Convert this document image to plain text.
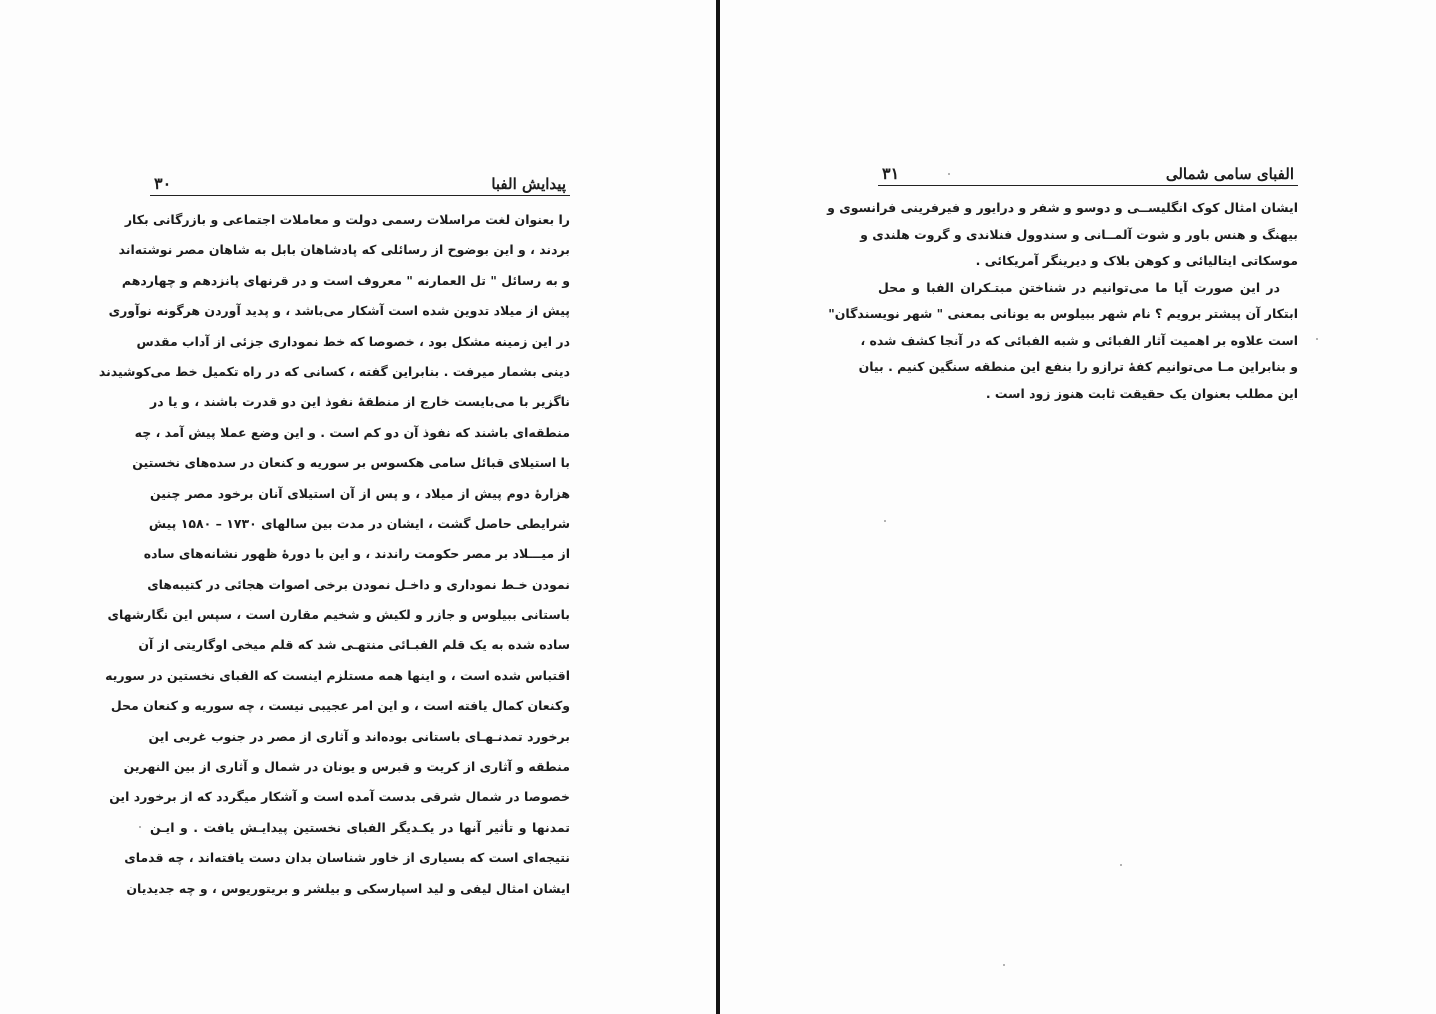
پیدایش الفبا
۳۰
را بعنوان لغت مراسلات رسمی دولت و معاملات اجتماعی و بازرگانی بکار
بردند ، و این بوضوح از رسائلی که پادشاهان بابل به شاهان مصر نوشته‌اند
و به رسائل " تل العمارنه " معروف است و در قرنهای پانزدهم و چهاردهم
پیش از میلاد تدوین شده است آشکار می‌باشد ، و پدید آوردن هرگونه نوآوری
در این زمینه مشکل بود ، خصوصا که خط نموداری جزئی از آداب مقدس
دینی بشمار میرفت . بنابراین گفته ، کسانی که در راه تکمیل خط می‌کوشیدند
ناگزیر با می‌بایست خارج از منطقه‌ٔ نفوذ این دو قدرت باشند ، و یا در
منطقه‌ای باشند که نفوذ آن دو کم است . و این وضع عملا پیش آمد ، چه
با استیلای قبائل سامی هکسوس بر سوریه و کنعان در سده‌های نخستین
هزاره‌ٔ دوم پیش از میلاد ، و پس از آن استیلای آنان برخود مصر چنین
شرایطی حاصل گشت ، ایشان در مدت بین سالهای ۱۷۳۰ – ۱۵۸۰ پیش
از میـــلاد بر مصر حکومت راندند ، و این با دوره‌ٔ ظهور نشانه‌های ساده
نمودن خـط نموداری و داخـل نمودن برخی اصوات هجائی در کتیبه‌های
باستانی ببیلوس و جازر و لکیش و شخیم مقارن است ، سپس این نگارشهای
ساده شده به یک قلم الفبـائی منتهـی شد که قلم میخی اوگاریتی از آن
اقتباس شده است ، و اینها همه مستلزم اینست که الفبای نخستین در سوریه
وکنعان کمال یافته است ، و این امر عجیبی نیست ، چه سوریه و کنعان محل
برخورد تمدنـهـای باستانی بوده‌اند و آثاری از مصر در جنوب غربی این
منطقه و آثاری از کریت و قبرس و یونان در شمال و آثاری از بین النهرین
خصوصا در شمال شرقی بدست آمده است و آشکار میگردد که از برخورد این
تمدنها و تأثیر آنها در یکـدیگر الفبای نخستین پیدایـش یافت . و ایـن
نتیجه‌ای است که بسیاری از خاور شناسان بدان دست یافته‌اند ، چه قدمای
ایشان امثال لیفی و لید اسپارسکی و بیلشر و بریتوریوس ، و چه جدیدیان
الفبای سامی شمالی
۳۱
ایشان امثال کوک انگلیســی و دوسو و شفر و درایور و فیرفرینی فرانسوی و
بیهنگ و هنس باور و شوت آلمــانی و سندوول فنلاندی و گروت هلندی و
موسکاتی ایتالیائی و کوهن بلاک و دیرینگر آمریکائی .
در این صورت آیا ما می‌توانیم در شناختن مبتـکران الفبا و محل
ابتکار آن پیشتر برویم ؟ نام شهر ببیلوس به یونانی بمعنی " شهر نویسندگان"
است علاوه بر اهمیت آثار الفبائی و شبه الفبائی که در آنجا کشف شده ،
و بنابراین مـا می‌توانیم کفه‌ٔ ترازو را بنفع این منطقه سنگین کنیم . بیان
این مطلب بعنوان یک حقیقت ثابت هنوز زود است .
